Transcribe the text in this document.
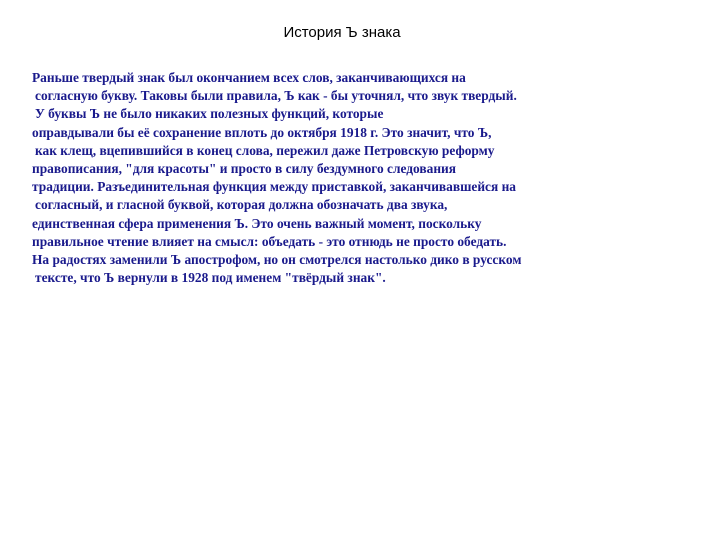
История Ъ знака
Раньше твердый знак был окончанием всех слов, заканчивающихся на
согласную букву. Таковы были правила, Ъ как - бы уточнял, что звук твердый.
У буквы Ъ не было никаких полезных функций, которые
оправдывали бы её сохранение вплоть до октября 1918 г. Это значит, что Ъ,
как клещ, вцепившийся в конец слова, пережил даже Петровскую реформу
правописания, "для красоты" и просто в силу бездумного следования
традиции. Разъединительная функция между приставкой, заканчивавшейся на
согласный, и гласной буквой, которая должна обозначать два звука,
единственная сфера применения Ъ. Это очень важный момент, поскольку
правильное чтение влияет на смысл: объедать - это отнюдь не просто обедать.
На радостях заменили Ъ апострофом, но он смотрелся настолько дико в русском
тексте, что Ъ вернули в 1928 под именем "твёрдый знак".
